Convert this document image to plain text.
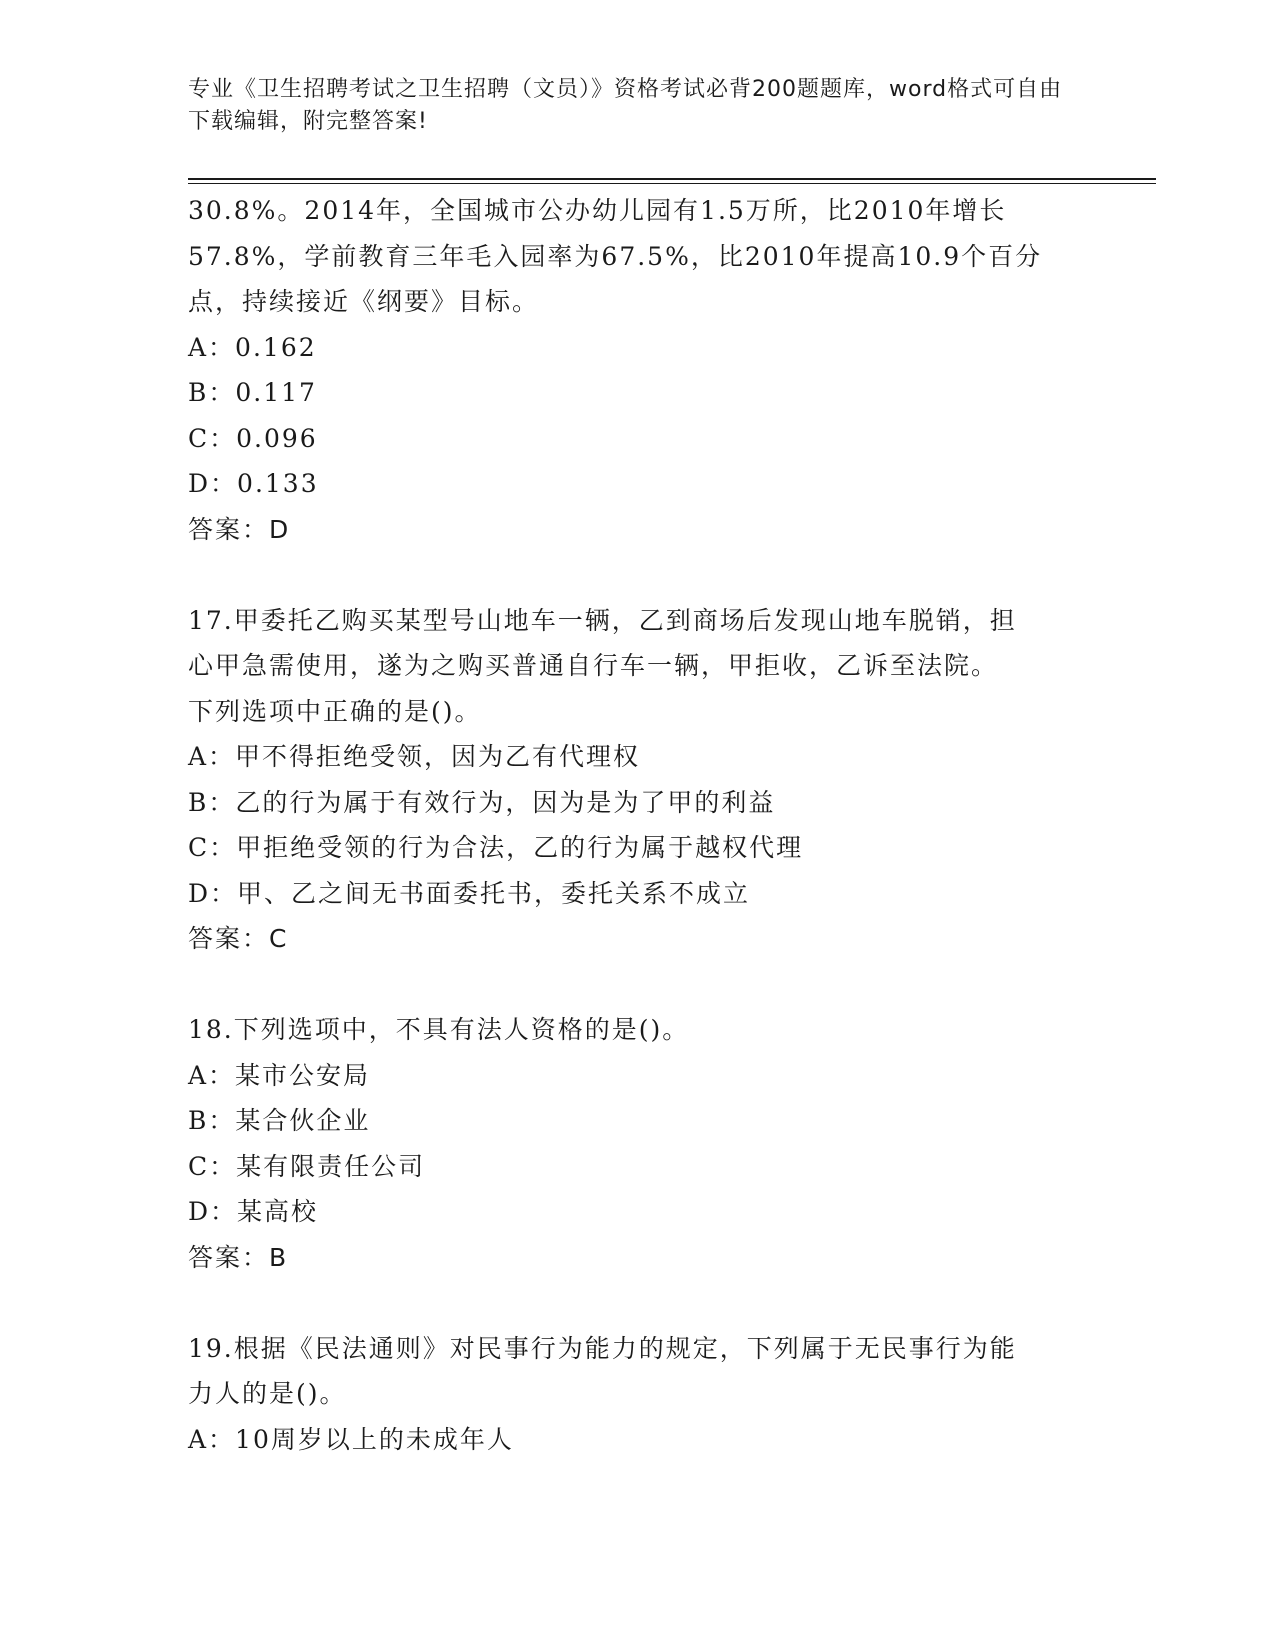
专业《卫生招聘考试之卫生招聘（文员）》资格考试必背200题题库，word格式可自由下载编辑，附完整答案!
30.8%。2014年，全国城市公办幼儿园有1.5万所，比2010年增长
57.8%，学前教育三年毛入园率为67.5%，比2010年提高10.9个百分
点，持续接近《纲要》目标。
A：0.162
B：0.117
C：0.096
D：0.133
答案：D
17.甲委托乙购买某型号山地车一辆，乙到商场后发现山地车脱销，担
心甲急需使用，遂为之购买普通自行车一辆，甲拒收，乙诉至法院。
下列选项中正确的是()。
A：甲不得拒绝受领，因为乙有代理权
B：乙的行为属于有效行为，因为是为了甲的利益
C：甲拒绝受领的行为合法，乙的行为属于越权代理
D：甲、乙之间无书面委托书，委托关系不成立
答案：C
18.下列选项中，不具有法人资格的是()。
A：某市公安局
B：某合伙企业
C：某有限责任公司
D：某高校
答案：B
19.根据《民法通则》对民事行为能力的规定，下列属于无民事行为能
力人的是()。
A：10周岁以上的未成年人
